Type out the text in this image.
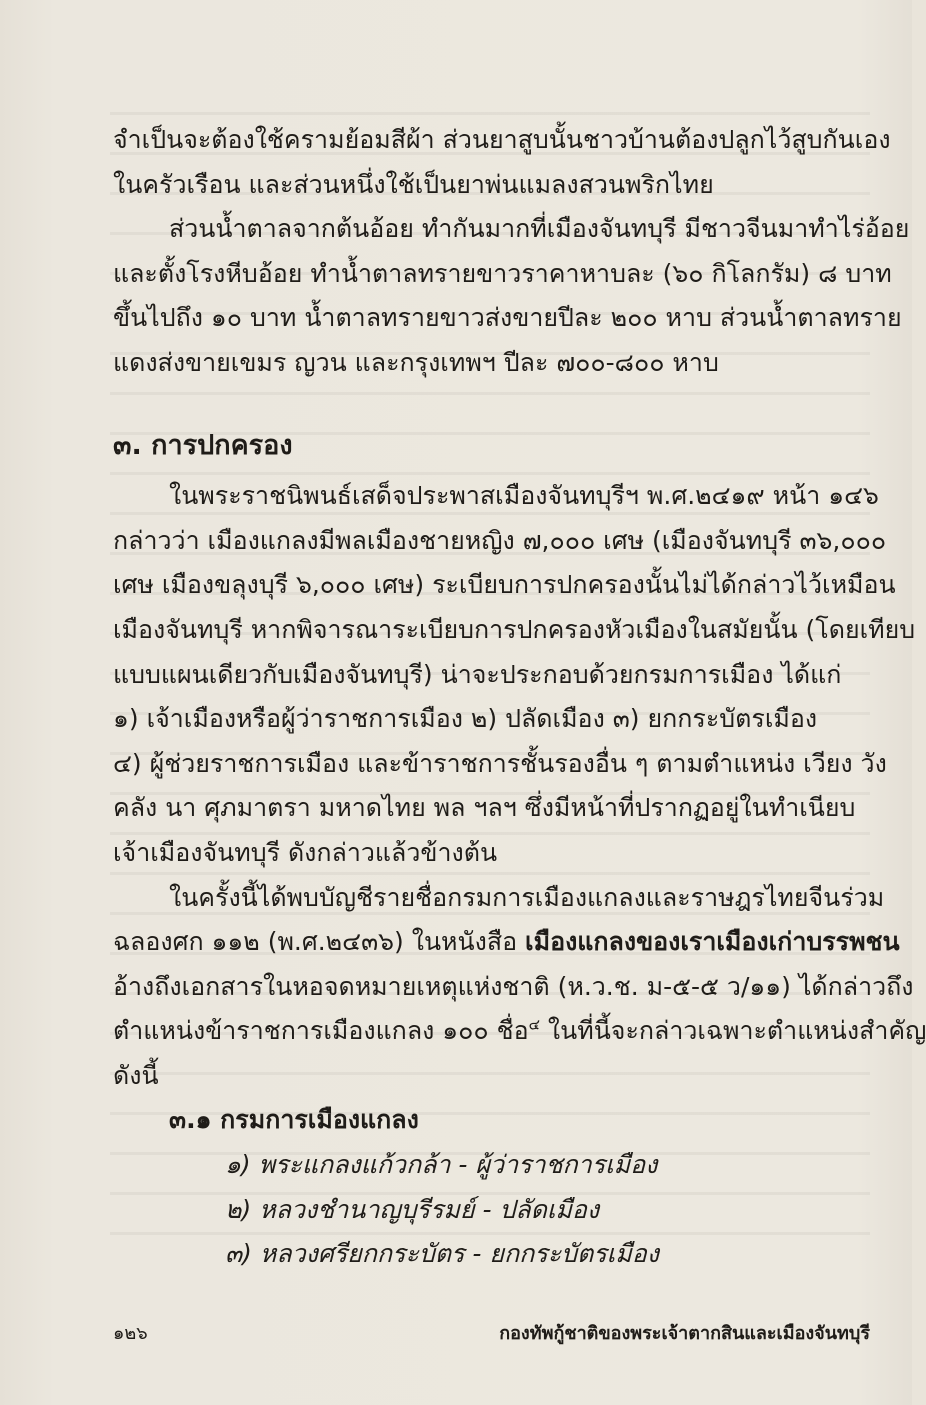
จำเป็นจะต้องใช้ครามย้อมสีผ้า ส่วนยาสูบนั้นชาวบ้านต้องปลูกไว้สูบกันเอง
ในครัวเรือน และส่วนหนึ่งใช้เป็นยาพ่นแมลงสวนพริกไทย
ส่วนน้ำตาลจากต้นอ้อย ทำกันมากที่เมืองจันทบุรี มีชาวจีนมาทำไร่อ้อย
และตั้งโรงหีบอ้อย ทำน้ำตาลทรายขาวราคาหาบละ (๖๐ กิโลกรัม) ๘ บาท
ขึ้นไปถึง ๑๐ บาท น้ำตาลทรายขาวส่งขายปีละ ๒๐๐ หาบ ส่วนน้ำตาลทราย
แดงส่งขายเขมร ญวน และกรุงเทพฯ ปีละ ๗๐๐-๘๐๐ หาบ
๓. การปกครอง
ในพระราชนิพนธ์เสด็จประพาสเมืองจันทบุรีฯ พ.ศ.๒๔๑๙ หน้า ๑๔๖
กล่าวว่า เมืองแกลงมีพลเมืองชายหญิง ๗,๐๐๐ เศษ (เมืองจันทบุรี ๓๖,๐๐๐
เศษ เมืองขลุงบุรี ๖,๐๐๐ เศษ) ระเบียบการปกครองนั้นไม่ได้กล่าวไว้เหมือน
เมืองจันทบุรี หากพิจารณาระเบียบการปกครองหัวเมืองในสมัยนั้น (โดยเทียบ
แบบแผนเดียวกับเมืองจันทบุรี) น่าจะประกอบด้วยกรมการเมือง ได้แก่
๑) เจ้าเมืองหรือผู้ว่าราชการเมือง ๒) ปลัดเมือง ๓) ยกกระบัตรเมือง
๔) ผู้ช่วยราชการเมือง และข้าราชการชั้นรองอื่น ๆ ตามตำแหน่ง เวียง วัง
คลัง นา ศุภมาตรา มหาดไทย พล ฯลฯ ซึ่งมีหน้าที่ปรากฏอยู่ในทำเนียบ
เจ้าเมืองจันทบุรี ดังกล่าวแล้วข้างต้น
ในครั้งนี้ได้พบบัญชีรายชื่อกรมการเมืองแกลงและราษฎรไทยจีนร่วม
ฉลองศก ๑๑๒ (พ.ศ.๒๔๓๖) ในหนังสือ เมืองแกลงของเราเมืองเก่าบรรพชน
อ้างถึงเอกสารในหอจดหมายเหตุแห่งชาติ (ห.ว.ช. ม-๕-๕ ว/๑๑) ได้กล่าวถึง
ตำแหน่งข้าราชการเมืองแกลง ๑๐๐ ชื่อ$^๔$ ในที่นี้จะกล่าวเฉพาะตำแหน่งสำคัญ
ดังนี้
๓.๑ กรมการเมืองแกลง
๑) พระแกลงแก้วกล้า - ผู้ว่าราชการเมือง
๒) หลวงชำนาญบุรีรมย์ - ปลัดเมือง
๓) หลวงศรียกกระบัตร - ยกกระบัตรเมือง
๑๒๖	กองทัพกู้ชาติของพระเจ้าตากสินและเมืองจันทบุรี
